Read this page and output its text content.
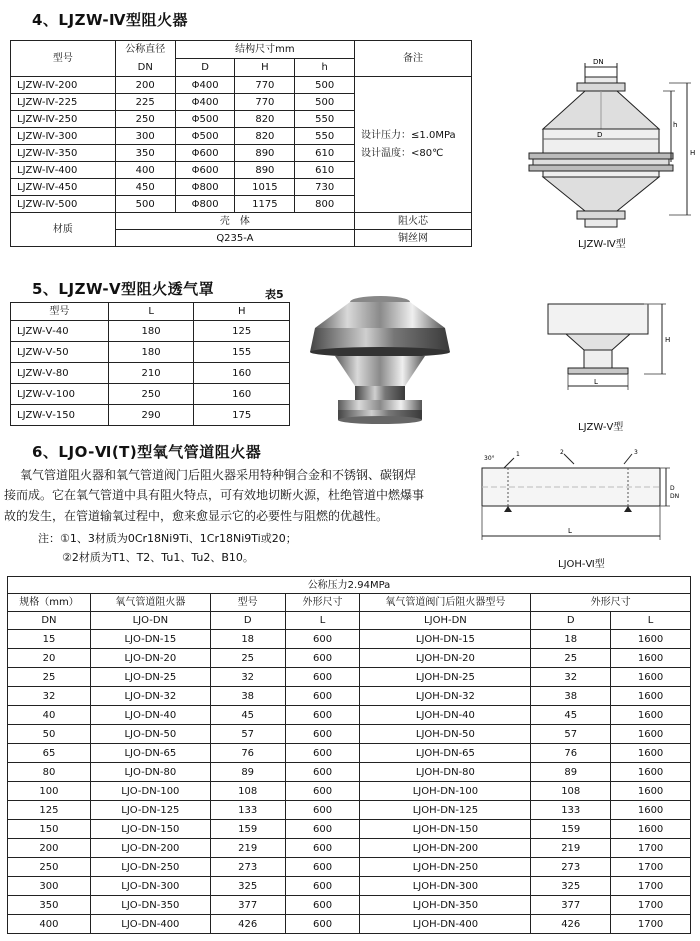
4、LJZW-Ⅳ型阻火器
型号	公称直径	结构尺寸mm			备注
	DN	D	H	h	
LJZW-Ⅳ-200	200	Φ400	770	500	设计压力：≤1.0MPa
设计温度：<80℃

LJZW-Ⅳ-225	225	Φ400	770	500	
LJZW-Ⅳ-250	250	Φ500	820	550	
LJZW-Ⅳ-300	300	Φ500	820	550	
LJZW-Ⅳ-350	350	Φ600	890	610	
LJZW-Ⅳ-400	400	Φ600	890	610	
LJZW-Ⅳ-450	450	Φ800	1015	730	
LJZW-Ⅳ-500	500	Φ800	1175	800	
材质	壳　体				阻火芯
	Q235-A				铜丝网
DN
D
H
h
LJZW-Ⅳ型
5、LJZW-Ⅴ型阻火透气罩	表5
型号	L	H
LJZW-Ⅴ-40	180	125
LJZW-Ⅴ-50	180	155
LJZW-Ⅴ-80	210	160
LJZW-Ⅴ-100	250	160
LJZW-Ⅴ-150	290	175
H
L
LJZW-Ⅴ型
6、LJO-Ⅵ(T)型氧气管道阻火器
氧气管道阻火器和氧气管道阀门后阻火器采用特种铜合金和不锈钢、碳钢焊
接而成。它在氧气管道中具有阻火特点，可有效地切断火源，杜绝管道中燃爆事
故的发生，在管道输氧过程中，愈来愈显示它的必要性与阻燃的优越性。
注：①1、3材质为0Cr18Ni9Ti、1Cr18Ni9Ti或20；
②2材质为T1、T2、Tu1、Tu2、B10。
30°
1	2	3
D
DN
L
LJOH-Ⅵ型
公称压力2.94MPa						
规格（mm）	氧气管道阻火器	型号	外形尺寸	氧气管道阀门后阻火器型号	外形尺寸	
DN	LJO-DN	D	L	LJOH-DN	D	L
15	LJO-DN-15	18	600	LJOH-DN-15	18	1600
20	LJO-DN-20	25	600	LJOH-DN-20	25	1600
25	LJO-DN-25	32	600	LJOH-DN-25	32	1600
32	LJO-DN-32	38	600	LJOH-DN-32	38	1600
40	LJO-DN-40	45	600	LJOH-DN-40	45	1600
50	LJO-DN-50	57	600	LJOH-DN-50	57	1600
65	LJO-DN-65	76	600	LJOH-DN-65	76	1600
80	LJO-DN-80	89	600	LJOH-DN-80	89	1600
100	LJO-DN-100	108	600	LJOH-DN-100	108	1600
125	LJO-DN-125	133	600	LJOH-DN-125	133	1600
150	LJO-DN-150	159	600	LJOH-DN-150	159	1600
200	LJO-DN-200	219	600	LJOH-DN-200	219	1700
250	LJO-DN-250	273	600	LJOH-DN-250	273	1700
300	LJO-DN-300	325	600	LJOH-DN-300	325	1700
350	LJO-DN-350	377	600	LJOH-DN-350	377	1700
400	LJO-DN-400	426	600	LJOH-DN-400	426	1700
